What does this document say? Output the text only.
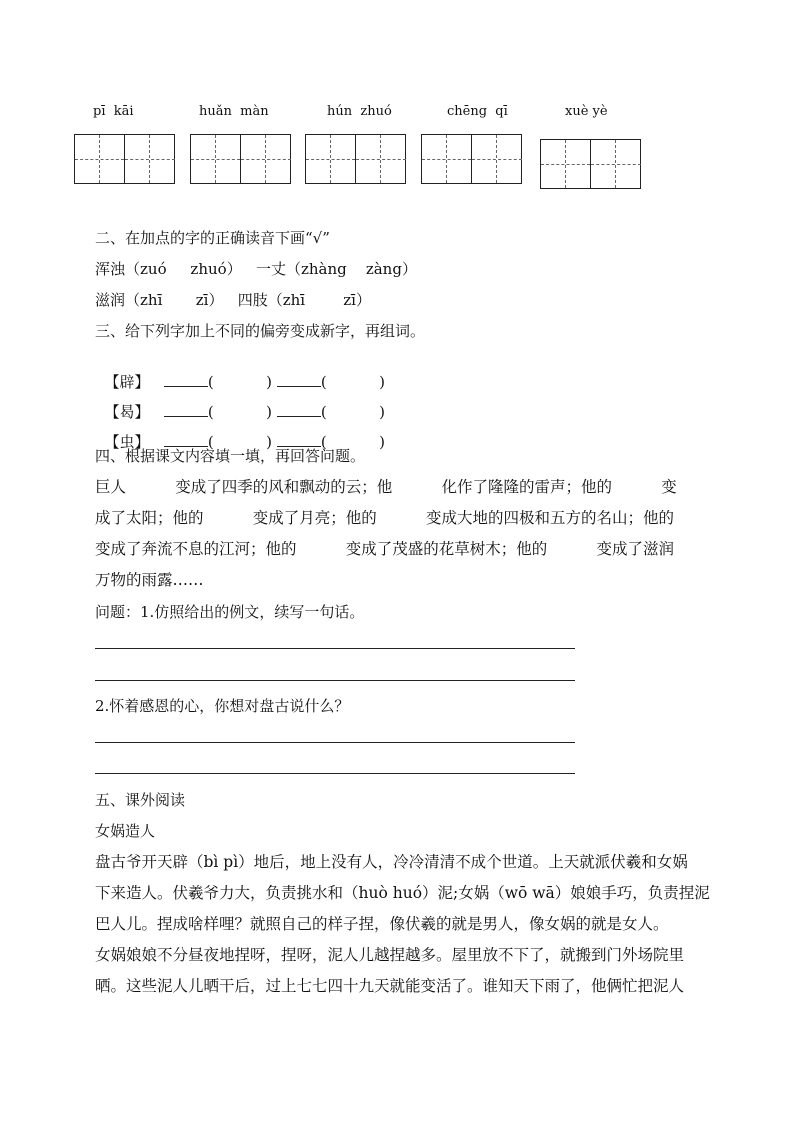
pī  kāi	huǎn  màn	hún  zhuó	chēng  qī	xuè yè
二、在加点的字的正确读音下画“√”
浑浊（zuó     zhuó）   一丈（zhàng    zàng）
滋润（zhī       zī）   四肢（zhī        zī）
三、给下列字加上不同的偏旁变成新字，再组词。

【辟】	(           )	(           )

【曷】	(           )	(           )

【虫】	(           )	(           )

四、根据课文内容填一填，再回答问题。
巨人          变成了四季的风和飘动的云；他          化作了隆隆的雷声；他的          变
成了太阳；他的          变成了月亮；他的          变成大地的四极和五方的名山；他的
变成了奔流不息的江河；他的          变成了茂盛的花草树木；他的          变成了滋润
万物的雨露……
问题：1.仿照给出的例文，续写一句话。
2.怀着感恩的心，你想对盘古说什么？
五、课外阅读
女娲造人
盘古爷开天辟（bì pì）地后，地上没有人，冷冷清清不成个世道。上天就派伏羲和女娲
下来造人。伏羲爷力大，负责挑水和（huò huó）泥;女娲（wō wā）娘娘手巧，负责捏泥
巴人儿。捏成啥样哩？就照自己的样子捏，像伏羲的就是男人，像女娲的就是女人。
女娲娘娘不分昼夜地捏呀，捏呀，泥人儿越捏越多。屋里放不下了，就搬到门外场院里
晒。这些泥人儿晒干后，过上七七四十九天就能变活了。谁知天下雨了，他俩忙把泥人
